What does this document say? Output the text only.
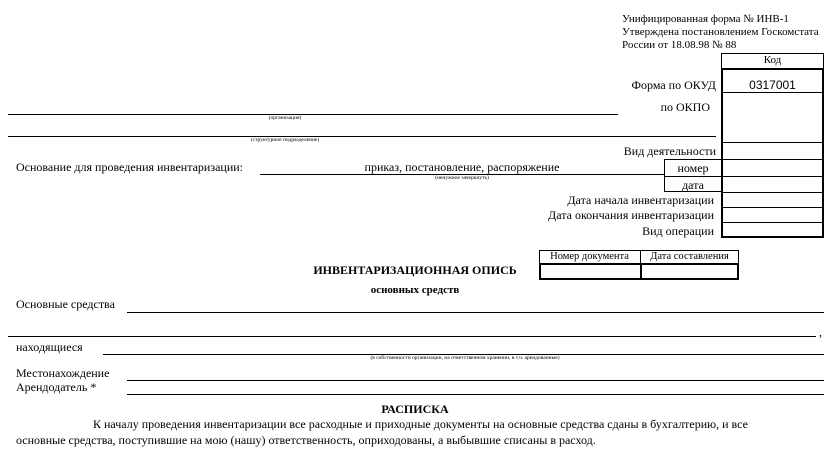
Унифицированная форма № ИНВ-1
Утверждена постановлением Госкомстата
России от 18.08.98 № 88
Код
0317001
Форма по ОКУД
по ОКПО
Вид деятельности
номер
дата
Дата начала инвентаризации
Дата окончания инвентаризации
Вид операции
(организация)
(структурное подразделение)
Основание для проведения инвентаризации:	приказ, постановление, распоряжение
(ненужное зачеркнуть)
Номер документа	Дата составления
ИНВЕНТАРИЗАЦИОННАЯ ОПИСЬ
основных средств
Основные средства
,
находящиеся
(в собственности организации, на ответственном хранении, в т.ч. арендованные)
Местонахождение
Арендодатель *
РАСПИСКА
К началу проведения инвентаризации все расходные и приходные документы на основные средства сданы в бухгалтерию, и все
основные средства, поступившие на мою (нашу) ответственность, оприходованы, а выбывшие списаны в расход.
